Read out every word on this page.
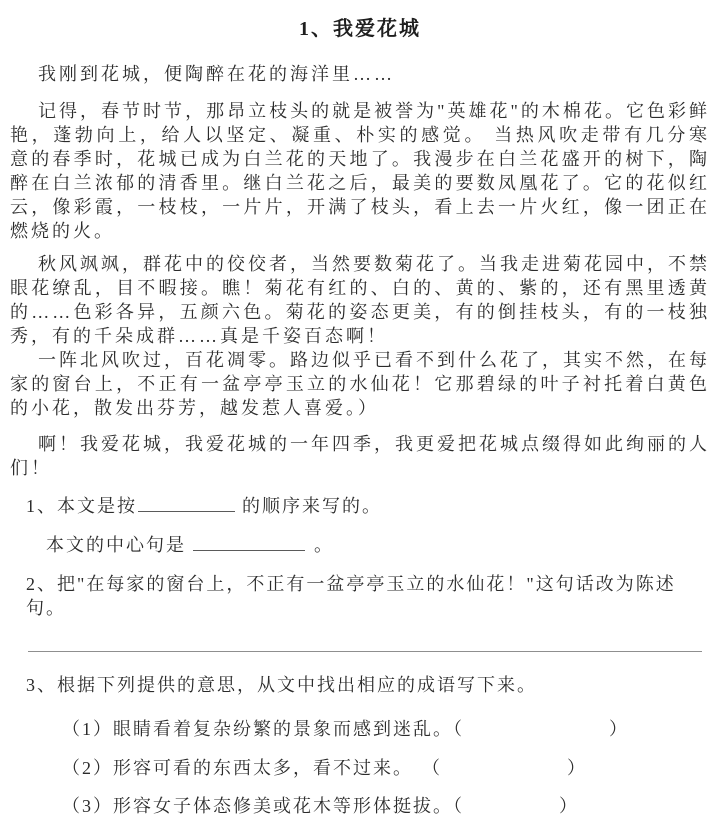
1、我爱花城

我刚到花城，便陶醉在花的海洋里……

记得，春节时节，那昂立枝头的就是被誉为"英雄花"的木棉花。它色彩鲜艳，蓬勃向上，给人以坚定、凝重、朴实的感觉。 当热风吹走带有几分寒意的春季时，花城已成为白兰花的天地了。我漫步在白兰花盛开的树下，陶醉在白兰浓郁的清香里。继白兰花之后，最美的要数凤凰花了。它的花似红云，像彩霞，一枝枝，一片片，开满了枝头，看上去一片火红，像一团正在燃烧的火。

秋风飒飒，群花中的佼佼者，当然要数菊花了。当我走进菊花园中，不禁眼花缭乱，目不暇接。瞧！菊花有红的、白的、黄的、紫的，还有黑里透黄的……色彩各异，五颜六色。菊花的姿态更美，有的倒挂枝头，有的一枝独秀，有的千朵成群……真是千姿百态啊！

一阵北风吹过，百花凋零。路边似乎已看不到什么花了，其实不然，在每家的窗台上，不正有一盆亭亭玉立的水仙花！它那碧绿的叶子衬托着白黄色的小花，散发出芬芳，越发惹人喜爱。）

啊！我爱花城，我爱花城的一年四季，我更爱把花城点缀得如此绚丽的人们！

1、本文是按	的顺序来写的。
本文的中心句是	。
2、把"在每家的窗台上，不正有一盆亭亭玉立的水仙花！"这句话改为陈述句。
3、根据下列提供的意思，从文中找出相应的成语写下来。
（1）眼睛看着复杂纷繁的景象而感到迷乱。（	）
（2）形容可看的东西太多，看不过来。 （	）
（3）形容女子体态修美或花木等形体挺拔。（	）
